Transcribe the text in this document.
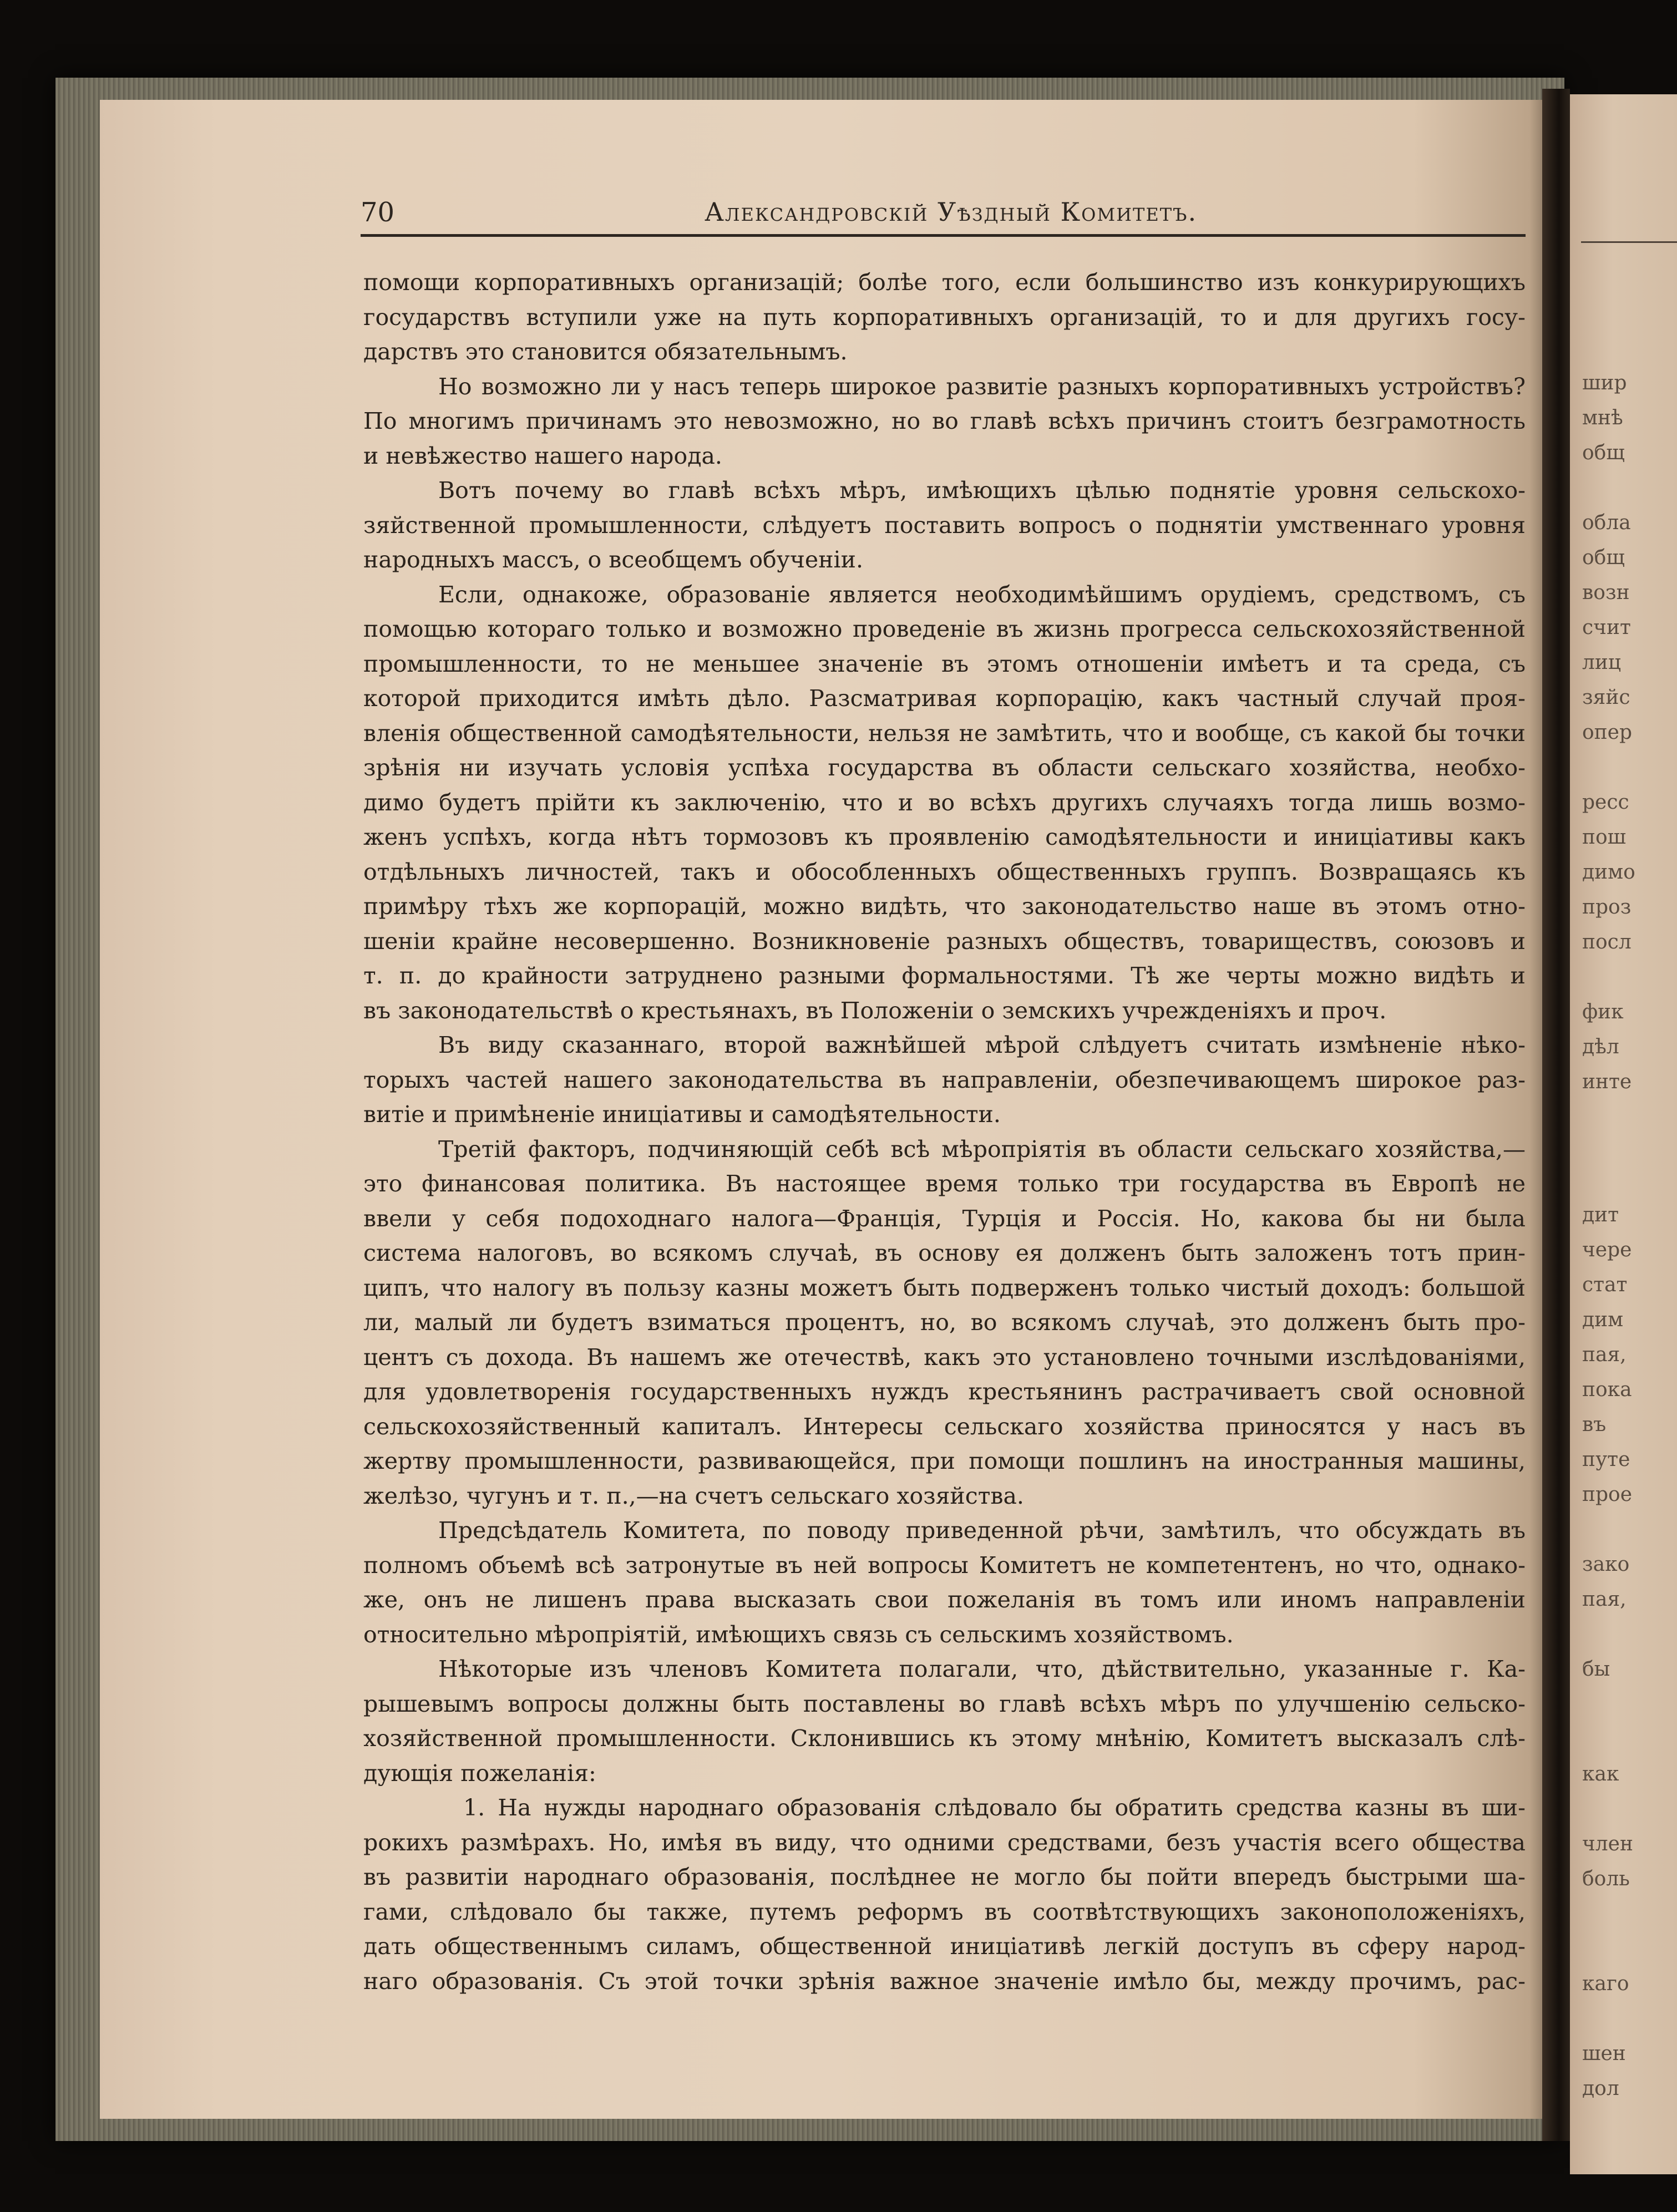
шир
мнѣ
общ
обла
общ
возн
счит
лиц
зяйс
опер
ресс
пош
димо
проз
посл
фик
дѣл
инте
дит
чере
стат
дим
пая,
пока
въ
путе
прое
зако
пая,
бы
как
член
боль
каго
шен
дол
70	Александровскій Уѣздный Комитетъ.

помощи корпоративныхъ организацій; болѣе того, если большинство изъ конкурирующихъ
государствъ вступили уже на путь корпоративныхъ организацій, то и для другихъ госу-
дарствъ это становится обязательнымъ.

Но возможно ли у насъ теперь широкое развитіе разныхъ корпоративныхъ устройствъ?
По многимъ причинамъ это невозможно, но во главѣ всѣхъ причинъ стоитъ безграмотность
и невѣжество нашего народа.

Вотъ почему во главѣ всѣхъ мѣръ, имѣющихъ цѣлью поднятіе уровня сельскохо-
зяйственной промышленности, слѣдуетъ поставить вопросъ о поднятіи умственнаго уровня
народныхъ массъ, о всеобщемъ обученіи.

Если, однакоже, образованіе является необходимѣйшимъ орудіемъ, средствомъ, съ
помощью котораго только и возможно проведеніе въ жизнь прогресса сельскохозяйственной
промышленности, то не меньшее значеніе въ этомъ отношеніи имѣетъ и та среда, съ
которой приходится имѣть дѣло. Разсматривая корпорацію, какъ частный случай проя-
вленія общественной самодѣятельности, нельзя не замѣтить, что и вообще, съ какой бы точки
зрѣнія ни изучать условія успѣха государства въ области сельскаго хозяйства, необхо-
димо будетъ прійти къ заключенію, что и во всѣхъ другихъ случаяхъ тогда лишь возмо-
женъ успѣхъ, когда нѣтъ тормозовъ къ проявленію самодѣятельности и иниціативы какъ
отдѣльныхъ личностей, такъ и обособленныхъ общественныхъ группъ. Возвращаясь къ
примѣру тѣхъ же корпорацій, можно видѣть, что законодательство наше въ этомъ отно-
шеніи крайне несовершенно. Возникновеніе разныхъ обществъ, товариществъ, союзовъ и
т. п. до крайности затруднено разными формальностями. Тѣ же черты можно видѣть и
въ законодательствѣ о крестьянахъ, въ Положеніи о земскихъ учрежденіяхъ и проч.

Въ виду сказаннаго, второй важнѣйшей мѣрой слѣдуетъ считать измѣненіе нѣко-
торыхъ частей нашего законодательства въ направленіи, обезпечивающемъ широкое раз-
витіе и примѣненіе иниціативы и самодѣятельности.

Третій факторъ, подчиняющій себѣ всѣ мѣропріятія въ области сельскаго хозяйства,—
это финансовая политика. Въ настоящее время только три государства въ Европѣ не
ввели у себя подоходнаго налога—Франція, Турція и Россія. Но, какова бы ни была
система налоговъ, во всякомъ случаѣ, въ основу ея долженъ быть заложенъ тотъ прин-
ципъ, что налогу въ пользу казны можетъ быть подверженъ только чистый доходъ: большой
ли, малый ли будетъ взиматься процентъ, но, во всякомъ случаѣ, это долженъ быть про-
центъ съ дохода. Въ нашемъ же отечествѣ, какъ это установлено точными изслѣдованіями,
для удовлетворенія государственныхъ нуждъ крестьянинъ растрачиваетъ свой основной
сельскохозяйственный капиталъ. Интересы сельскаго хозяйства приносятся у насъ въ
жертву промышленности, развивающейся, при помощи пошлинъ на иностранныя машины,
желѣзо, чугунъ и т. п.,—на счетъ сельскаго хозяйства.

Предсѣдатель Комитета, по поводу приведенной рѣчи, замѣтилъ, что обсуждать въ
полномъ объемѣ всѣ затронутые въ ней вопросы Комитетъ не компетентенъ, но что, однако-
же, онъ не лишенъ права высказать свои пожеланія въ томъ или иномъ направленіи
относительно мѣропріятій, имѣющихъ связь съ сельскимъ хозяйствомъ.

Нѣкоторые изъ членовъ Комитета полагали, что, дѣйствительно, указанные г. Ка-
рышевымъ вопросы должны быть поставлены во главѣ всѣхъ мѣръ по улучшенію сельско-
хозяйственной промышленности. Склонившись къ этому мнѣнію, Комитетъ высказалъ слѣ-
дующія пожеланія:

1. На нужды народнаго образованія слѣдовало бы обратить средства казны въ ши-
рокихъ размѣрахъ. Но, имѣя въ виду, что одними средствами, безъ участія всего общества
въ развитіи народнаго образованія, послѣднее не могло бы пойти впередъ быстрыми ша-
гами, слѣдовало бы также, путемъ реформъ въ соотвѣтствующихъ законоположеніяхъ,
дать общественнымъ силамъ, общественной иниціативѣ легкій доступъ въ сферу народ-
наго образованія. Съ этой точки зрѣнія важное значеніе имѣло бы, между прочимъ, рас-
